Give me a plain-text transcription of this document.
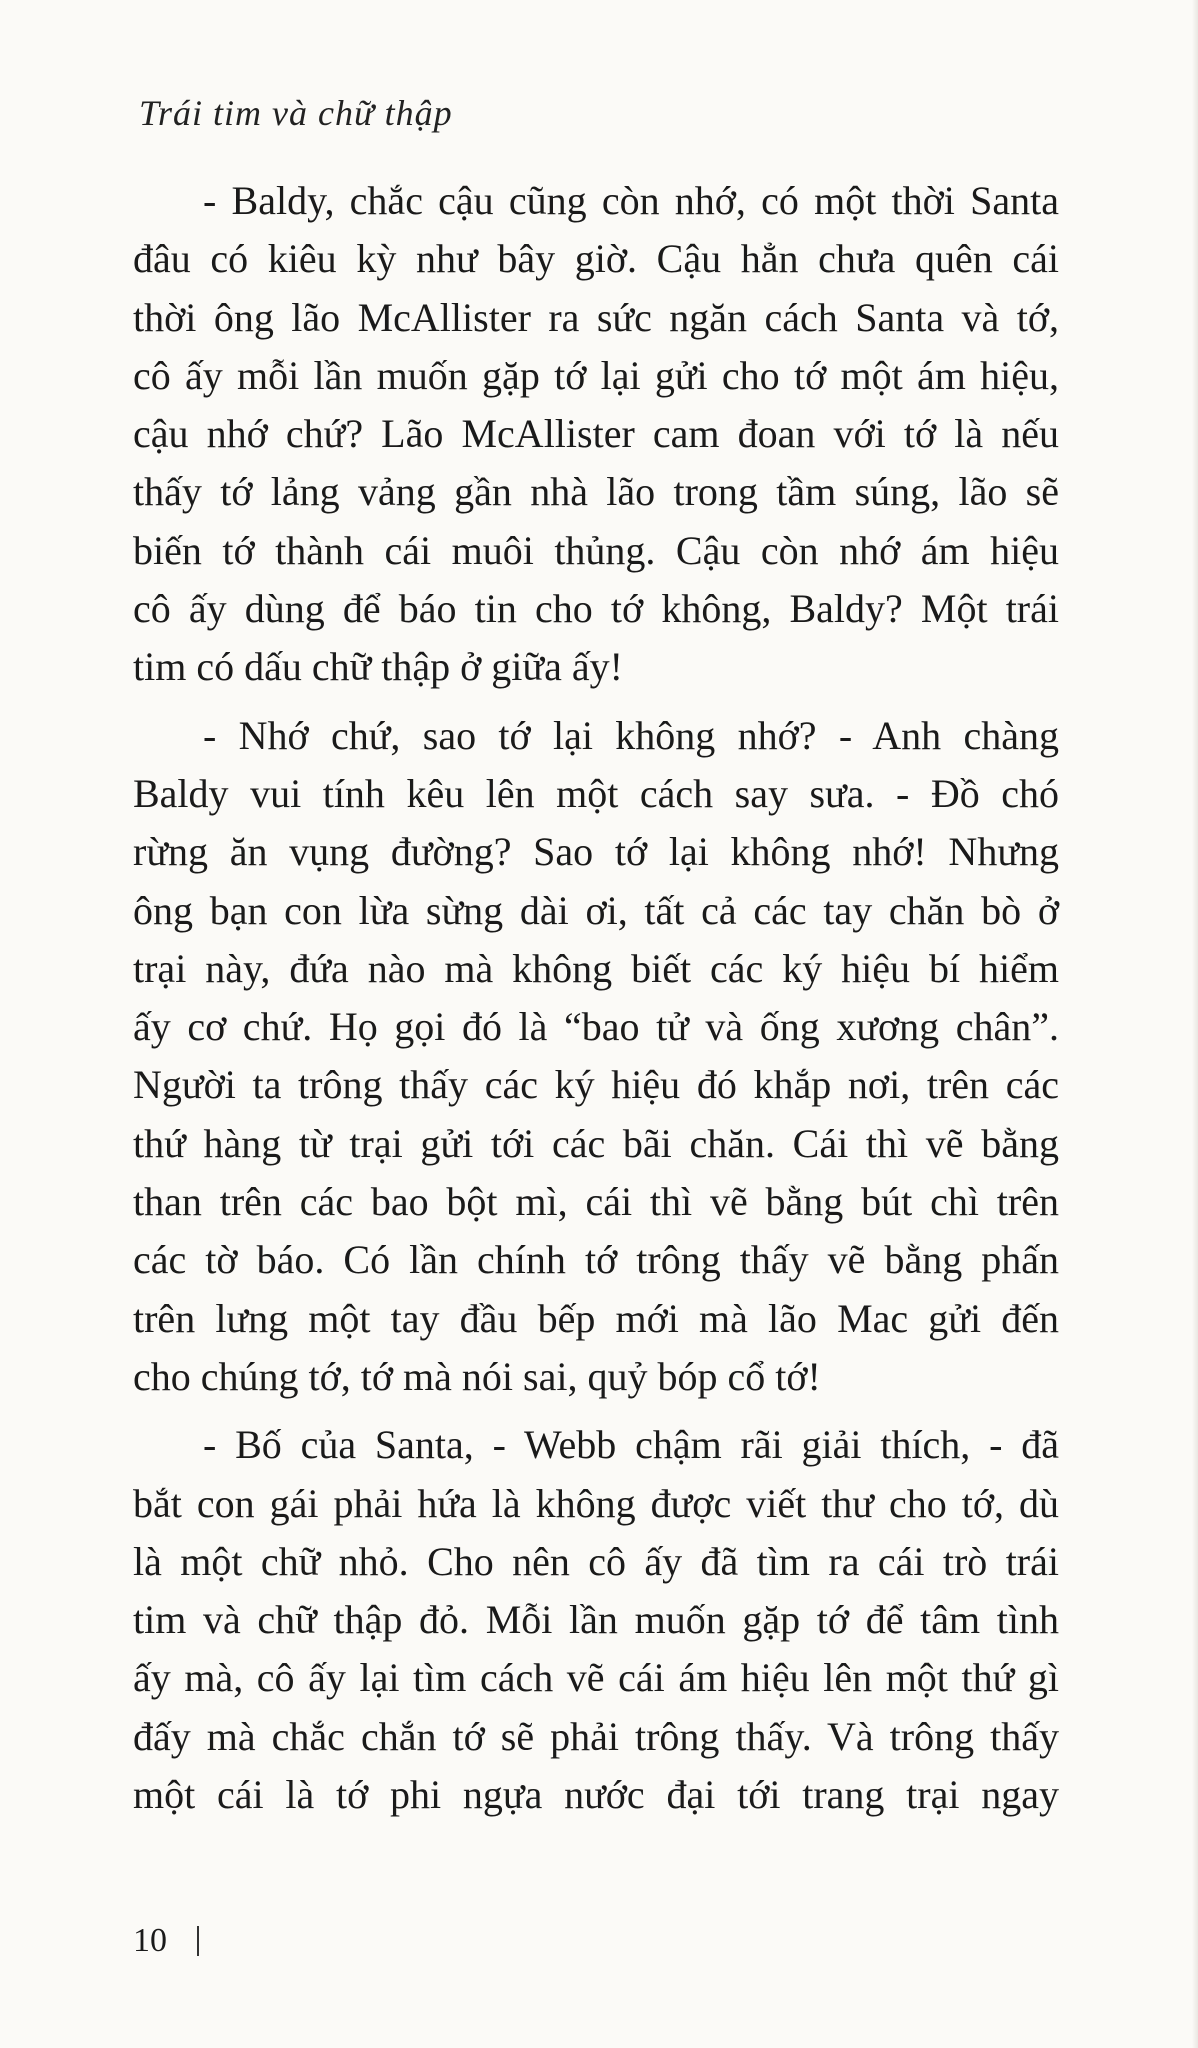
Trái tim và chữ thập

- Baldy, chắc cậu cũng còn nhớ, có một thời Santa
đâu có kiêu kỳ như bây giờ. Cậu hẳn chưa quên cái
thời ông lão McAllister ra sức ngăn cách Santa và tớ,
cô ấy mỗi lần muốn gặp tớ lại gửi cho tớ một ám hiệu,
cậu nhớ chứ? Lão McAllister cam đoan với tớ là nếu
thấy tớ lảng vảng gần nhà lão trong tầm súng, lão sẽ
biến tớ thành cái muôi thủng. Cậu còn nhớ ám hiệu
cô ấy dùng để báo tin cho tớ không, Baldy? Một trái
tim có dấu chữ thập ở giữa ấy!

- Nhớ chứ, sao tớ lại không nhớ? - Anh chàng
Baldy vui tính kêu lên một cách say sưa. - Đồ chó
rừng ăn vụng đường? Sao tớ lại không nhớ! Nhưng
ông bạn con lừa sừng dài ơi, tất cả các tay chăn bò ở
trại này, đứa nào mà không biết các ký hiệu bí hiểm
ấy cơ chứ. Họ gọi đó là “bao tử và ống xương chân”.
Người ta trông thấy các ký hiệu đó khắp nơi, trên các
thứ hàng từ trại gửi tới các bãi chăn. Cái thì vẽ bằng
than trên các bao bột mì, cái thì vẽ bằng bút chì trên
các tờ báo. Có lần chính tớ trông thấy vẽ bằng phấn
trên lưng một tay đầu bếp mới mà lão Mac gửi đến
cho chúng tớ, tớ mà nói sai, quỷ bóp cổ tớ!

- Bố của Santa, - Webb chậm rãi giải thích, - đã
bắt con gái phải hứa là không được viết thư cho tớ, dù
là một chữ nhỏ. Cho nên cô ấy đã tìm ra cái trò trái
tim và chữ thập đỏ. Mỗi lần muốn gặp tớ để tâm tình
ấy mà, cô ấy lại tìm cách vẽ cái ám hiệu lên một thứ gì
đấy mà chắc chắn tớ sẽ phải trông thấy. Và trông thấy
một cái là tớ phi ngựa nước đại tới trang trại ngay

10
